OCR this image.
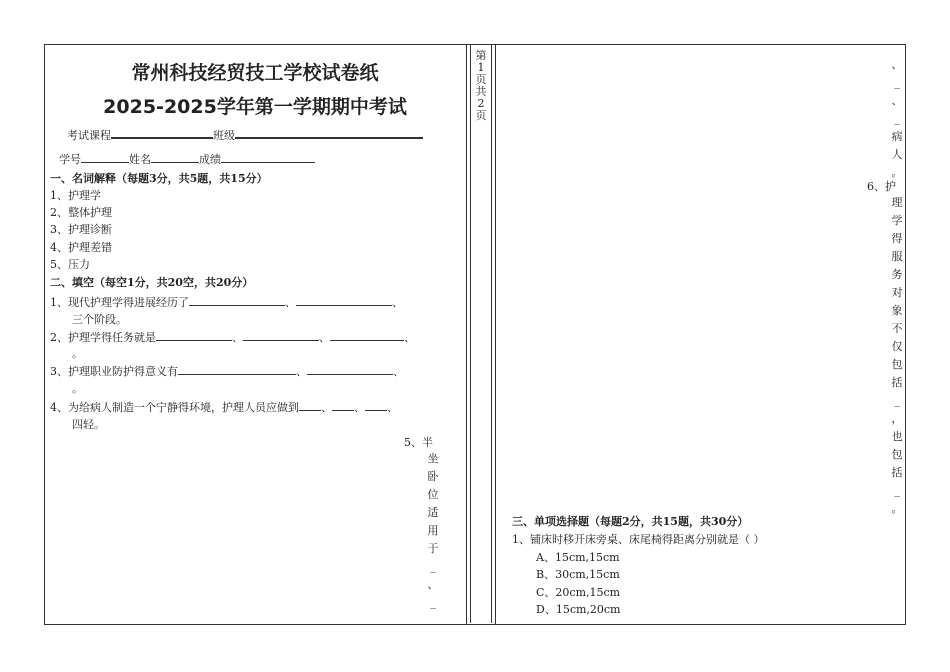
第
1
页
共
2
页
常州科技经贸技工学校试卷纸
2025-2025学年第一学期期中考试
考试课程	班级
学号	姓名	成绩
一、名词解释（每题3分，共5题，共15分）
1、护理学
2、整体护理
3、护理诊断
4、护理差错
5、压力
二、填空（每空1分，共20空，共20分）
1、现代护理学得进展经历了	、	、
三个阶段。
2、护理学得任务就是	、	、	、
。
3、护理职业防护得意义有	、	、
。
4、为给病人制造一个宁静得环境，护理人员应做到 、 、 、
四轻。
5、半
坐
卧
位
适
用
于
_
、
_
、
_
、
_
病
人
。
6、护
理
学
得
服
务
对
象
不
仅
包
括
_
，
也
包
括
_
。
三、单项选择题（每题2分，共15题，共30分）
1、铺床时移开床旁桌、床尾椅得距离分别就是（ ）
A、15cm,15cm
B、30cm,15cm
C、20cm,15cm
D、15cm,20cm
